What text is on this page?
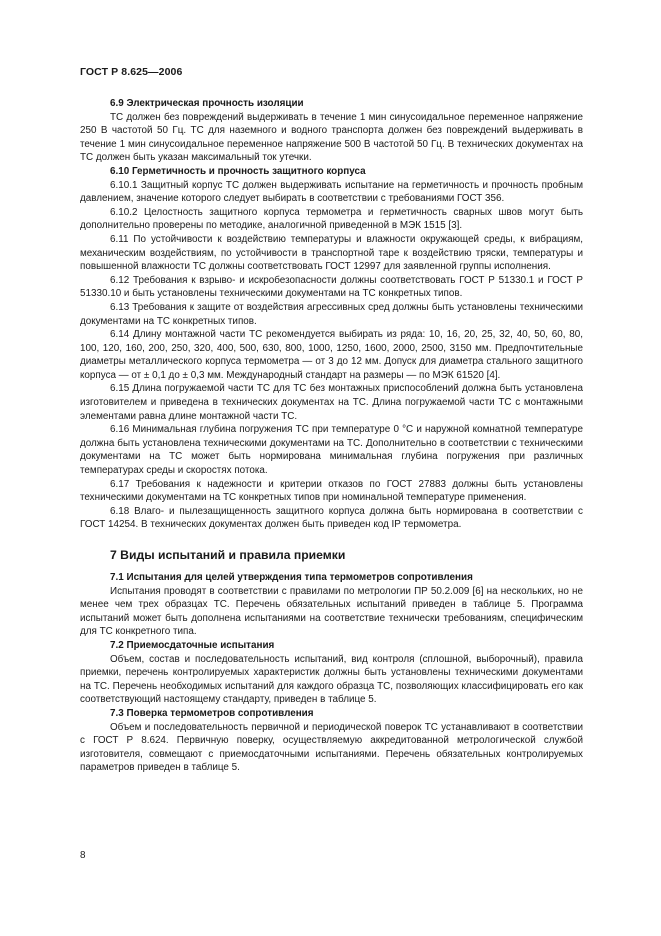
ГОСТ Р 8.625—2006
6.9 Электрическая прочность изоляции

ТС должен без повреждений выдерживать в течение 1 мин синусоидальное переменное напряжение 250 В частотой 50 Гц. ТС для наземного и водного транспорта должен без повреждений выдерживать в течение 1 мин синусоидальное переменное напряжение 500 В частотой 50 Гц. В технических документах на ТС должен быть указан максимальный ток утечки.

6.10 Герметичность и прочность защитного корпуса

6.10.1 Защитный корпус ТС должен выдерживать испытание на герметичность и прочность пробным давлением, значение которого следует выбирать в соответствии с требованиями ГОСТ 356.

6.10.2 Целостность защитного корпуса термометра и герметичность сварных швов могут быть дополнительно проверены по методике, аналогичной приведенной в МЭК 1515 [3].

6.11 По устойчивости к воздействию температуры и влажности окружающей среды, к вибрациям, механическим воздействиям, по устойчивости в транспортной таре к воздействию тряски, температуры и повышенной влажности ТС должны соответствовать ГОСТ 12997 для заявленной группы исполнения.

6.12 Требования к взрыво- и искробезопасности должны соответствовать ГОСТ Р 51330.1 и ГОСТ Р 51330.10 и быть установлены техническими документами на ТС конкретных типов.

6.13 Требования к защите от воздействия агрессивных сред должны быть установлены техническими документами на ТС конкретных типов.

6.14 Длину монтажной части ТС рекомендуется выбирать из ряда: 10, 16, 20, 25, 32, 40, 50, 60, 80, 100, 120, 160, 200, 250, 320, 400, 500, 630, 800, 1000, 1250, 1600, 2000, 2500, 3150 мм. Предпочтительные диаметры металлического корпуса термометра — от 3 до 12 мм. Допуск для диаметра стального защитного корпуса — от ± 0,1 до ± 0,3 мм. Международный стандарт на размеры — по МЭК 61520 [4].

6.15 Длина погружаемой части ТС для ТС без монтажных приспособлений должна быть установлена изготовителем и приведена в технических документах на ТС. Длина погружаемой части ТС с монтажными элементами равна длине монтажной части ТС.

6.16 Минимальная глубина погружения ТС при температуре 0 °С и наружной комнатной температуре должна быть установлена техническими документами на ТС. Дополнительно в соответствии с техническими документами на ТС может быть нормирована минимальная глубина погружения при различных температурах среды и скоростях потока.

6.17 Требования к надежности и критерии отказов по ГОСТ 27883 должны быть установлены техническими документами на ТС конкретных типов при номинальной температуре применения.

6.18 Влаго- и пылезащищенность защитного корпуса должна быть нормирована в соответствии с ГОСТ 14254. В технических документах должен быть приведен код IP термометра.

7 Виды испытаний и правила приемки
7.1 Испытания для целей утверждения типа термометров сопротивления

Испытания проводят в соответствии с правилами по метрологии ПР 50.2.009 [6] на нескольких, но не менее чем трех образцах ТС. Перечень обязательных испытаний приведен в таблице 5. Программа испытаний может быть дополнена испытаниями на соответствие технически требованиям, специфическим для ТС конкретного типа.

7.2 Приемосдаточные испытания

Объем, состав и последовательность испытаний, вид контроля (сплошной, выборочный), правила приемки, перечень контролируемых характеристик должны быть установлены техническими документами на ТС. Перечень необходимых испытаний для каждого образца ТС, позволяющих классифицировать его как соответствующий настоящему стандарту, приведен в таблице 5.

7.3 Поверка термометров сопротивления

Объем и последовательность первичной и периодической поверок ТС устанавливают в соответствии с ГОСТ Р 8.624. Первичную поверку, осуществляемую аккредитованной метрологической службой изготовителя, совмещают с приемосдаточными испытаниями. Перечень обязательных контролируемых параметров приведен в таблице 5.

8
